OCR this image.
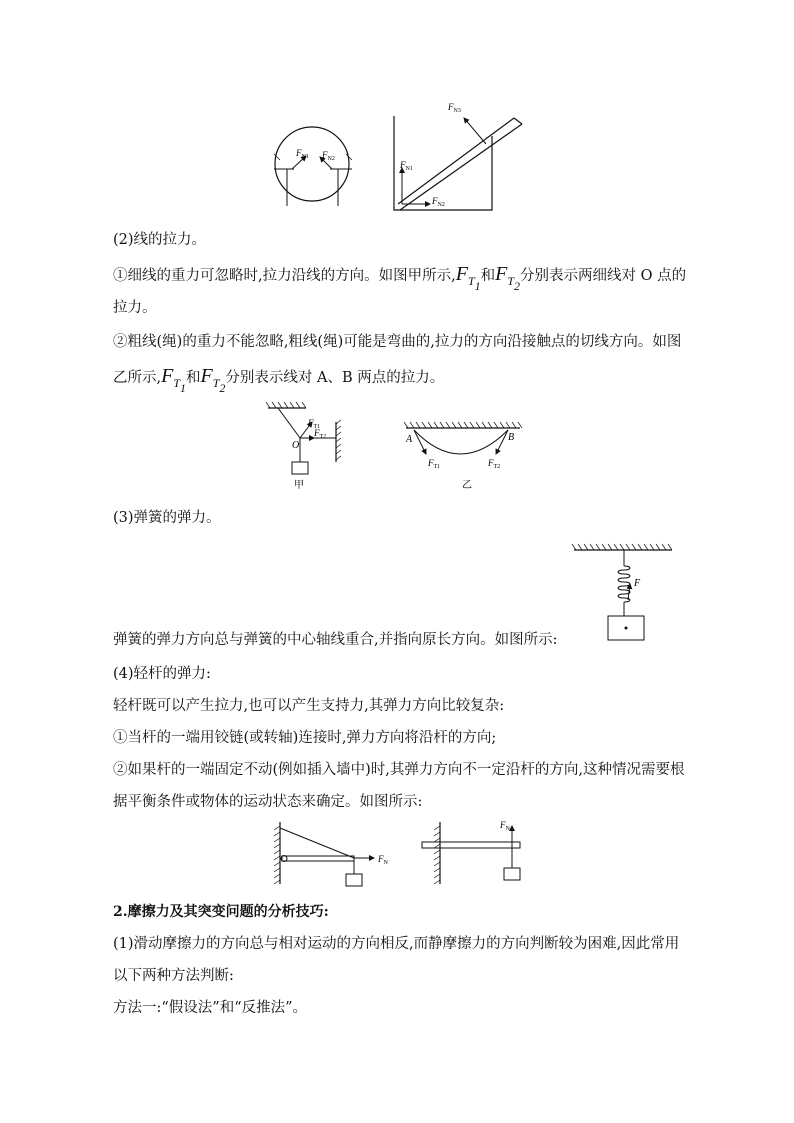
$F_{N1}$ $F_{N2}$
$F_{N3}$
$F_{N1}$
$F_{N2}$
(2)线的拉力。
①细线的重力可忽略时,拉力沿线的方向。如图甲所示$,F_{T_1}$和$F_{T_2}$分别表示两细线对 O 点的
拉力。
②粗线(绳)的重力不能忽略,粗线(绳)可能是弯曲的,拉力的方向沿接触点的切线方向。如图
乙所示$,F_{T_1}$和$F_{T_2}$分别表示线对 A、B 两点的拉力。
$F_{T1}$
$F_{T2}$
O
甲
A	B
$F_{T1}$	$F_{T2}$
乙
(3)弹簧的弹力。
F
弹簧的弹力方向总与弹簧的中心轴线重合,并指向原长方向。如图所示:
(4)轻杆的弹力:
轻杆既可以产生拉力,也可以产生支持力,其弹力方向比较复杂:
①当杆的一端用铰链(或转轴)连接时,弹力方向将沿杆的方向;
②如果杆的一端固定不动(例如插入墙中)时,其弹力方向不一定沿杆的方向,这种情况需要根
据平衡条件或物体的运动状态来确定。如图所示:
$F_N$
$F_N$
2.摩擦力及其突变问题的分析技巧:
(1)滑动摩擦力的方向总与相对运动的方向相反,而静摩擦力的方向判断较为困难,因此常用
以下两种方法判断:
方法一:“假设法”和“反推法”。
